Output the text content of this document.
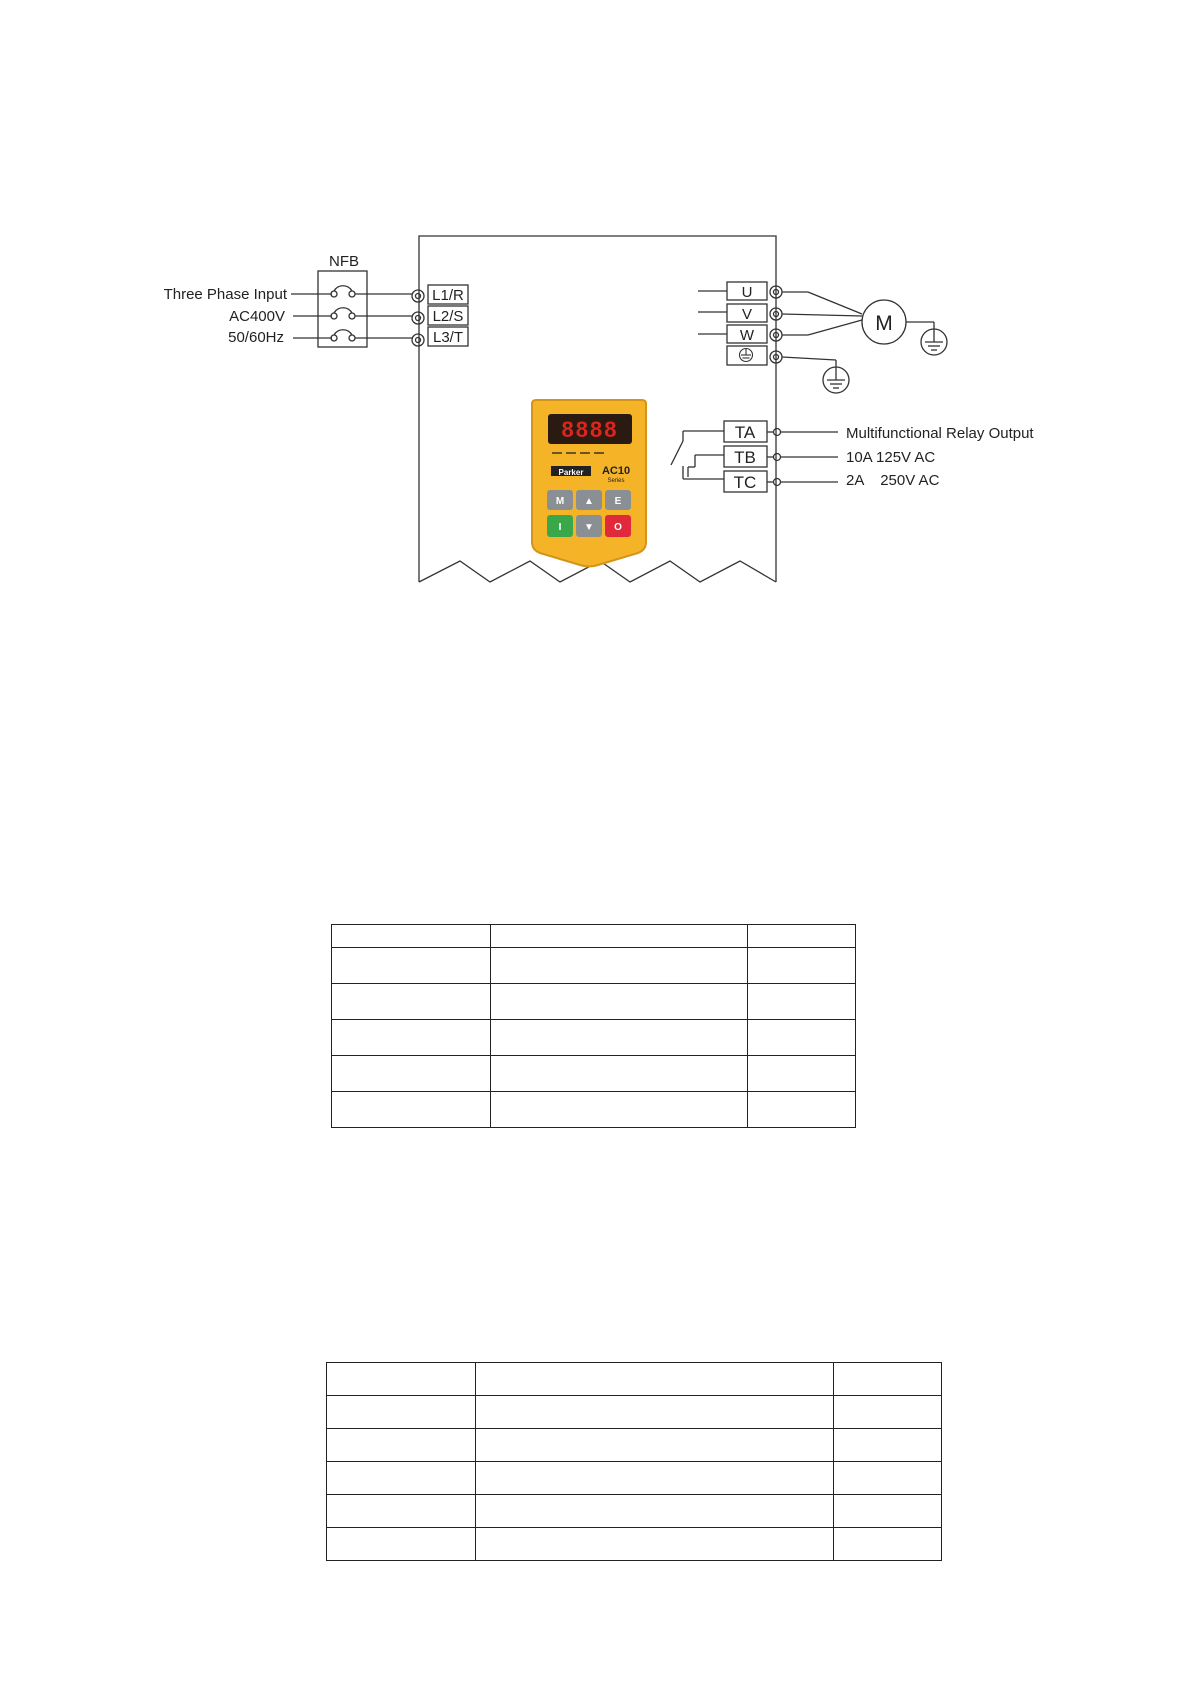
NFB
Three Phase Input
AC400V
50/60Hz
L1/R
L2/S
L3/T
U
V
W
M
TA
TB
TC
Multifunctional Relay Output
10A 125V AC
2A    250V AC
8888
Parker AC10
Series
M ▲ E
I ▼ O
